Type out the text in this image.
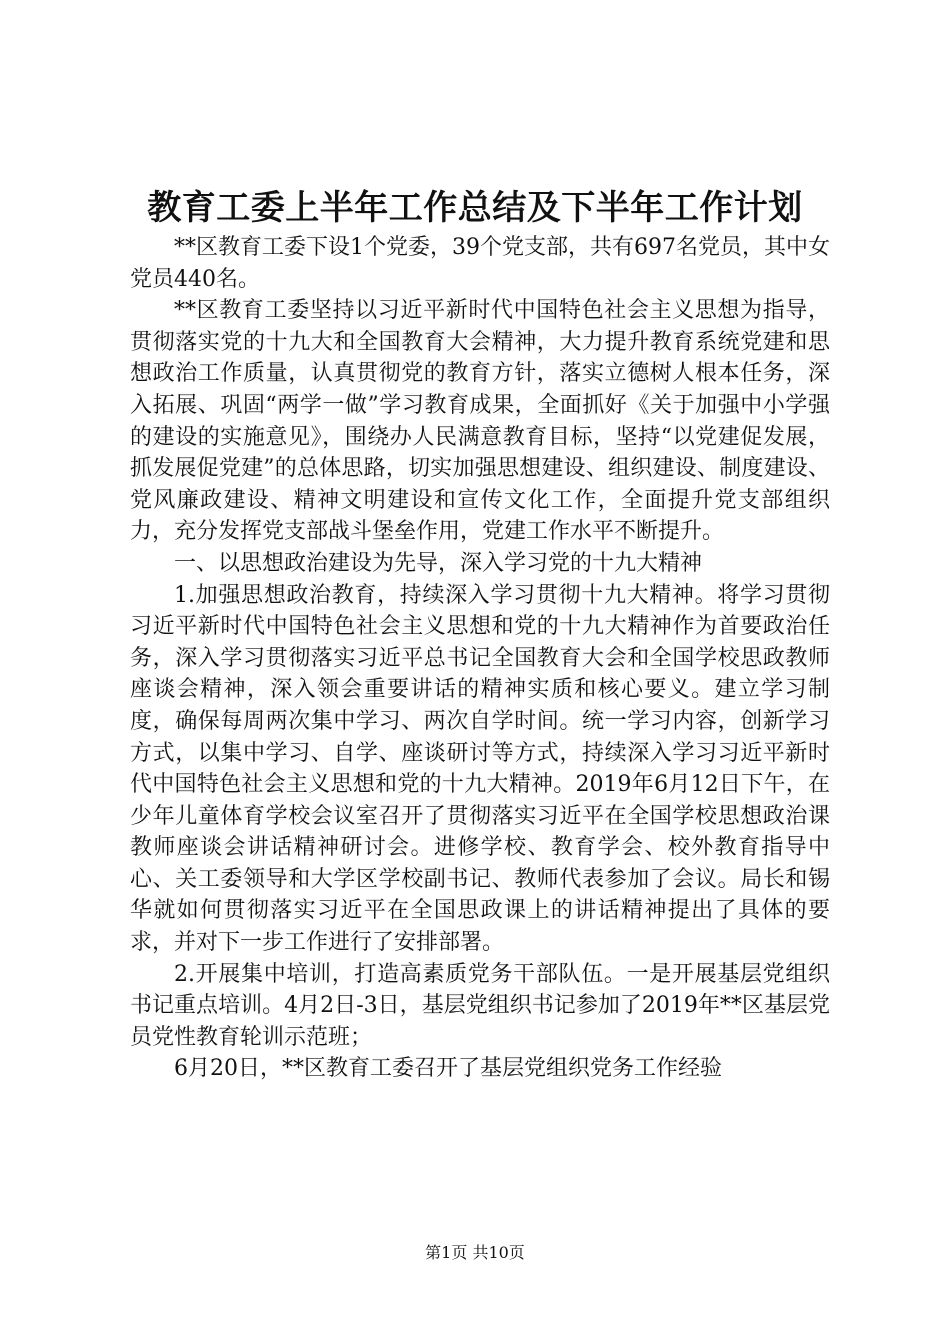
教育工委上半年工作总结及下半年工作计划

**区教育工委下设1个党委，39个党支部，共有697名党员，其中女党员440名。

**区教育工委坚持以习近平新时代中国特色社会主义思想为指导，贯彻落实党的十九大和全国教育大会精神，大力提升教育系统党建和思想政治工作质量，认真贯彻党的教育方针，落实立德树人根本任务，深入拓展、巩固“两学一做”学习教育成果，全面抓好《关于加强中小学强的建设的实施意见》，围绕办人民满意教育目标，坚持“以党建促发展，抓发展促党建”的总体思路，切实加强思想建设、组织建设、制度建设、党风廉政建设、精神文明建设和宣传文化工作，全面提升党支部组织力，充分发挥党支部战斗堡垒作用，党建工作水平不断提升。

一、以思想政治建设为先导，深入学习党的十九大精神

1.加强思想政治教育，持续深入学习贯彻十九大精神。将学习贯彻习近平新时代中国特色社会主义思想和党的十九大精神作为首要政治任务，深入学习贯彻落实习近平总书记全国教育大会和全国学校思政教师座谈会精神，深入领会重要讲话的精神实质和核心要义。建立学习制度，确保每周两次集中学习、两次自学时间。统一学习内容，创新学习方式，以集中学习、自学、座谈研讨等方式，持续深入学习习近平新时代中国特色社会主义思想和党的十九大精神。2019年6月12日下午，在少年儿童体育学校会议室召开了贯彻落实习近平在全国学校思想政治课教师座谈会讲话精神研讨会。进修学校、教育学会、校外教育指导中心、关工委领导和大学区学校副书记、教师代表参加了会议。局长和锡华就如何贯彻落实习近平在全国思政课上的讲话精神提出了具体的要求，并对下一步工作进行了安排部署。

2.开展集中培训，打造高素质党务干部队伍。一是开展基层党组织书记重点培训。4月2日-3日，基层党组织书记参加了2019年**区基层党员党性教育轮训示范班；

6月20日，**区教育工委召开了基层党组织党务工作经验

第1页 共10页
